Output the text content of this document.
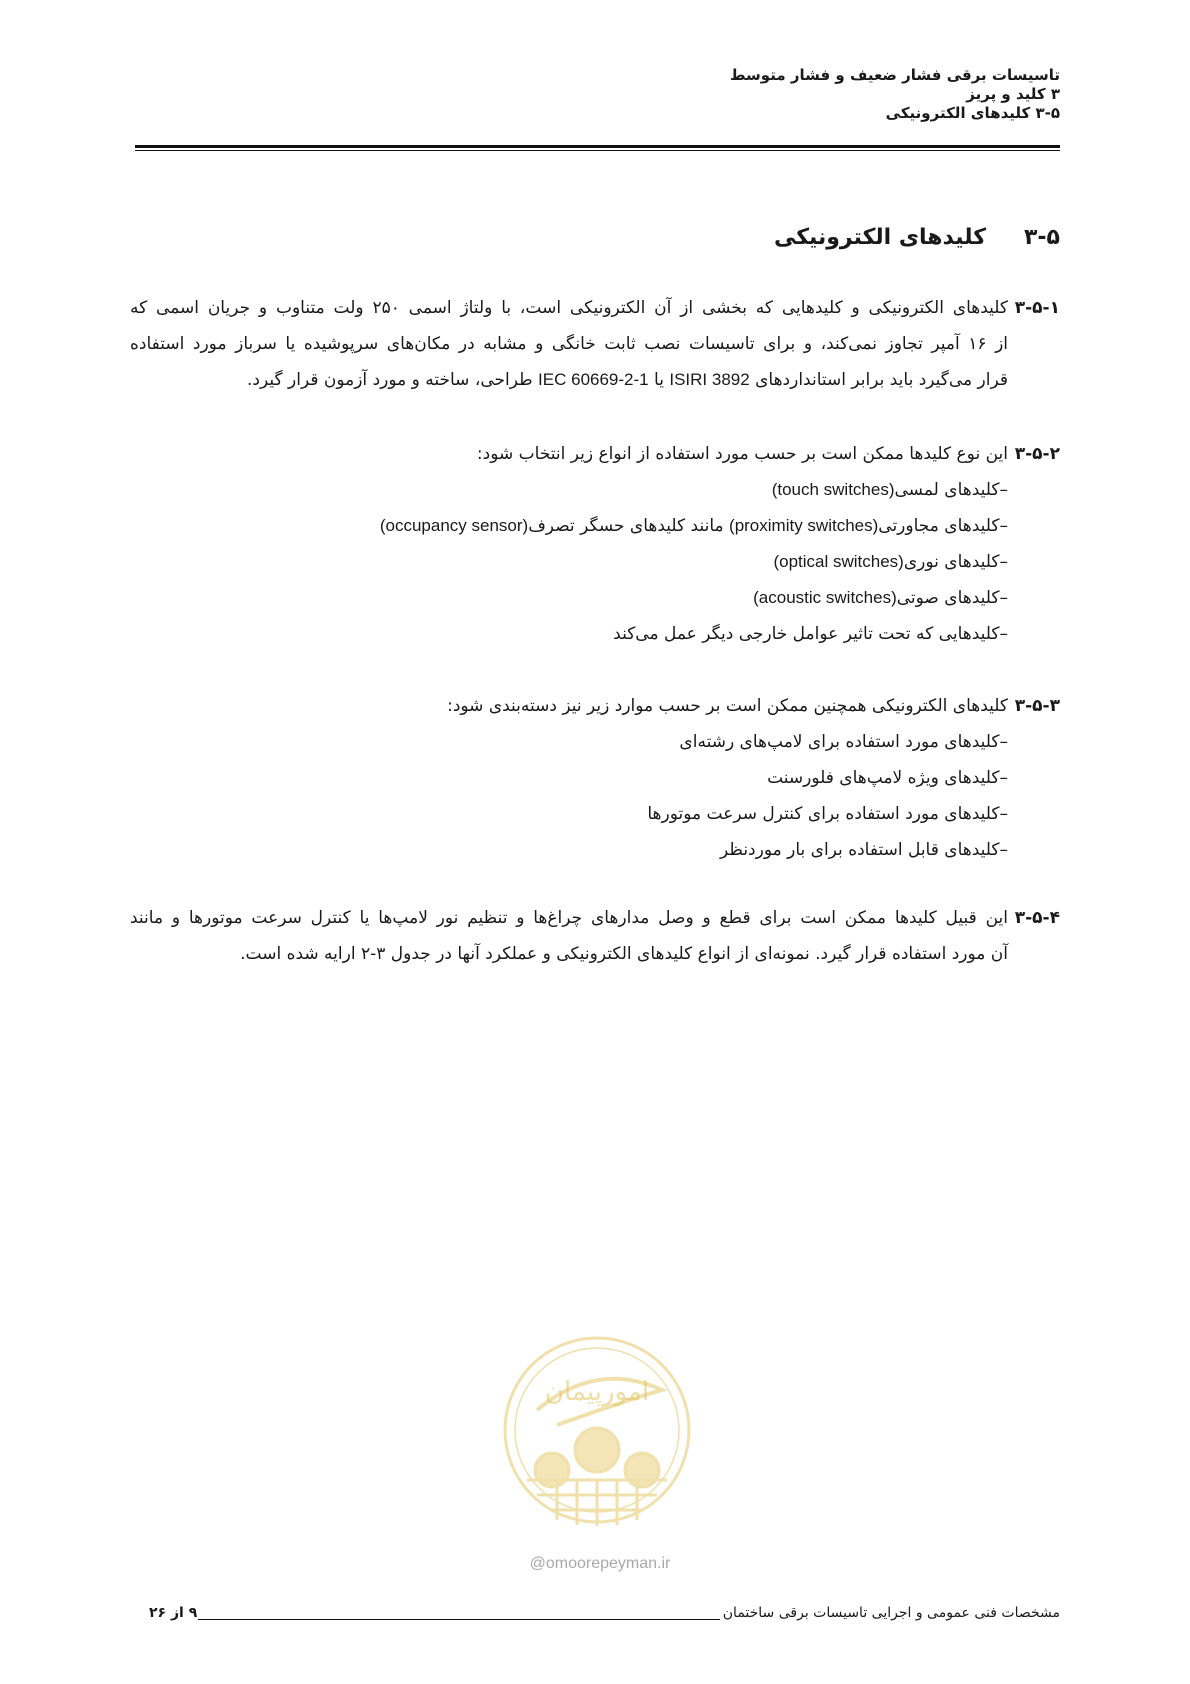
تاسیسات برقی فشار ضعیف و فشار متوسط
۳ کلید و پریز
۳-۵ کلیدهای الکترونیکی
۳-۵
کلیدهای الکترونیکی
۳-۵-۱
کلیدهای الکترونیکی و کلیدهایی که بخشی از آن الکترونیکی است، با ولتاژ اسمی ۲۵۰ ولت متناوب و جریان اسمی که
از ۱۶ آمپر تجاوز نمی‌کند، و برای تاسیسات نصب ثابت خانگی و مشابه در مکان‌های سرپوشیده یا سرباز مورد استفاده
قرار می‌گیرد باید برابر استانداردهای ISIRI 3892 یا IEC 60669-2-1 طراحی، ساخته و مورد آزمون قرار گیرد.
۳-۵-۲
این نوع کلیدها ممکن است بر حسب مورد استفاده از انواع زیر انتخاب شود:
–کلیدهای لمسی(touch switches)
–کلیدهای مجاورتی(proximity switches) مانند کلیدهای حسگر تصرف(occupancy sensor)
–کلیدهای نوری(optical switches)
–کلیدهای صوتی(acoustic switches)
–کلیدهایی که تحت تاثیر عوامل خارجی دیگر عمل می‌کند
۳-۵-۳
کلیدهای الکترونیکی همچنین ممکن است بر حسب موارد زیر نیز دسته‌بندی شود:
–کلیدهای مورد استفاده برای لامپ‌های رشته‌ای
–کلیدهای ویژه لامپ‌های فلورسنت
–کلیدهای مورد استفاده برای کنترل سرعت موتورها
–کلیدهای قابل استفاده برای بار موردنظر
۳-۵-۴
این قبیل کلیدها ممکن است برای قطع و وصل مدارهای چراغ‌ها و تنظیم نور لامپ‌ها یا کنترل سرعت موتورها و مانند
آن مورد استفاده قرار گیرد. نمونه‌ای از انواع کلیدهای الکترونیکی و عملکرد آنها در جدول ۳-۲ ارایه شده است.
امورپیمان
@omoorepeyman.ir
مشخصات فنی عمومی و اجرایی تاسیسات برقی ساختمان
۹ از ۲۶
